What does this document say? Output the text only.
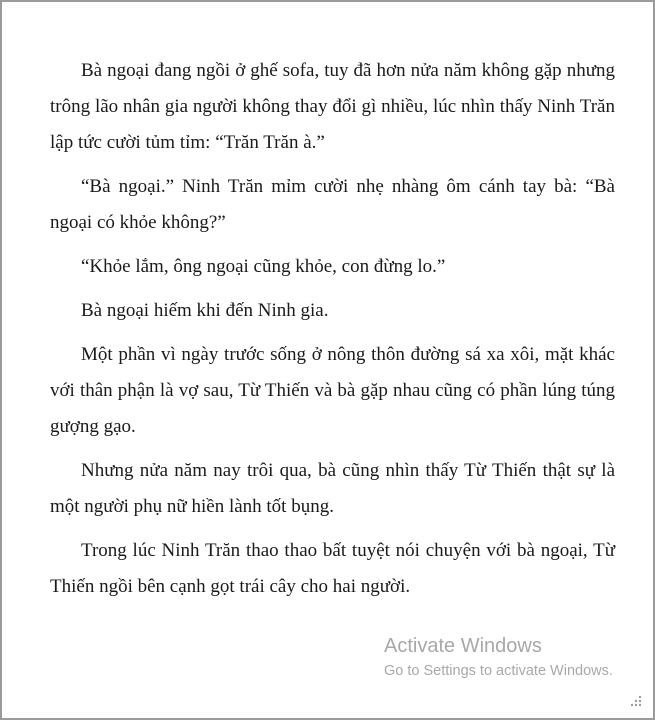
Bà ngoại đang ngồi ở ghế sofa, tuy đã hơn nửa năm không gặp nhưng trông lão nhân gia người không thay đổi gì nhiều, lúc nhìn thấy Ninh Trăn lập tức cười tủm tỉm: “Trăn Trăn à.”

“Bà ngoại.” Ninh Trăn mỉm cười nhẹ nhàng ôm cánh tay bà: “Bà ngoại có khỏe không?”

“Khỏe lắm, ông ngoại cũng khỏe, con đừng lo.”

Bà ngoại hiếm khi đến Ninh gia.

Một phần vì ngày trước sống ở nông thôn đường sá xa xôi, mặt khác với thân phận là vợ sau, Từ Thiến và bà gặp nhau cũng có phần lúng túng gượng gạo.

Nhưng nửa năm nay trôi qua, bà cũng nhìn thấy Từ Thiến thật sự là một người phụ nữ hiền lành tốt bụng.

Trong lúc Ninh Trăn thao thao bất tuyệt nói chuyện với bà ngoại, Từ Thiến ngồi bên cạnh gọt trái cây cho hai người.

Activate Windows
Go to Settings to activate Windows.
